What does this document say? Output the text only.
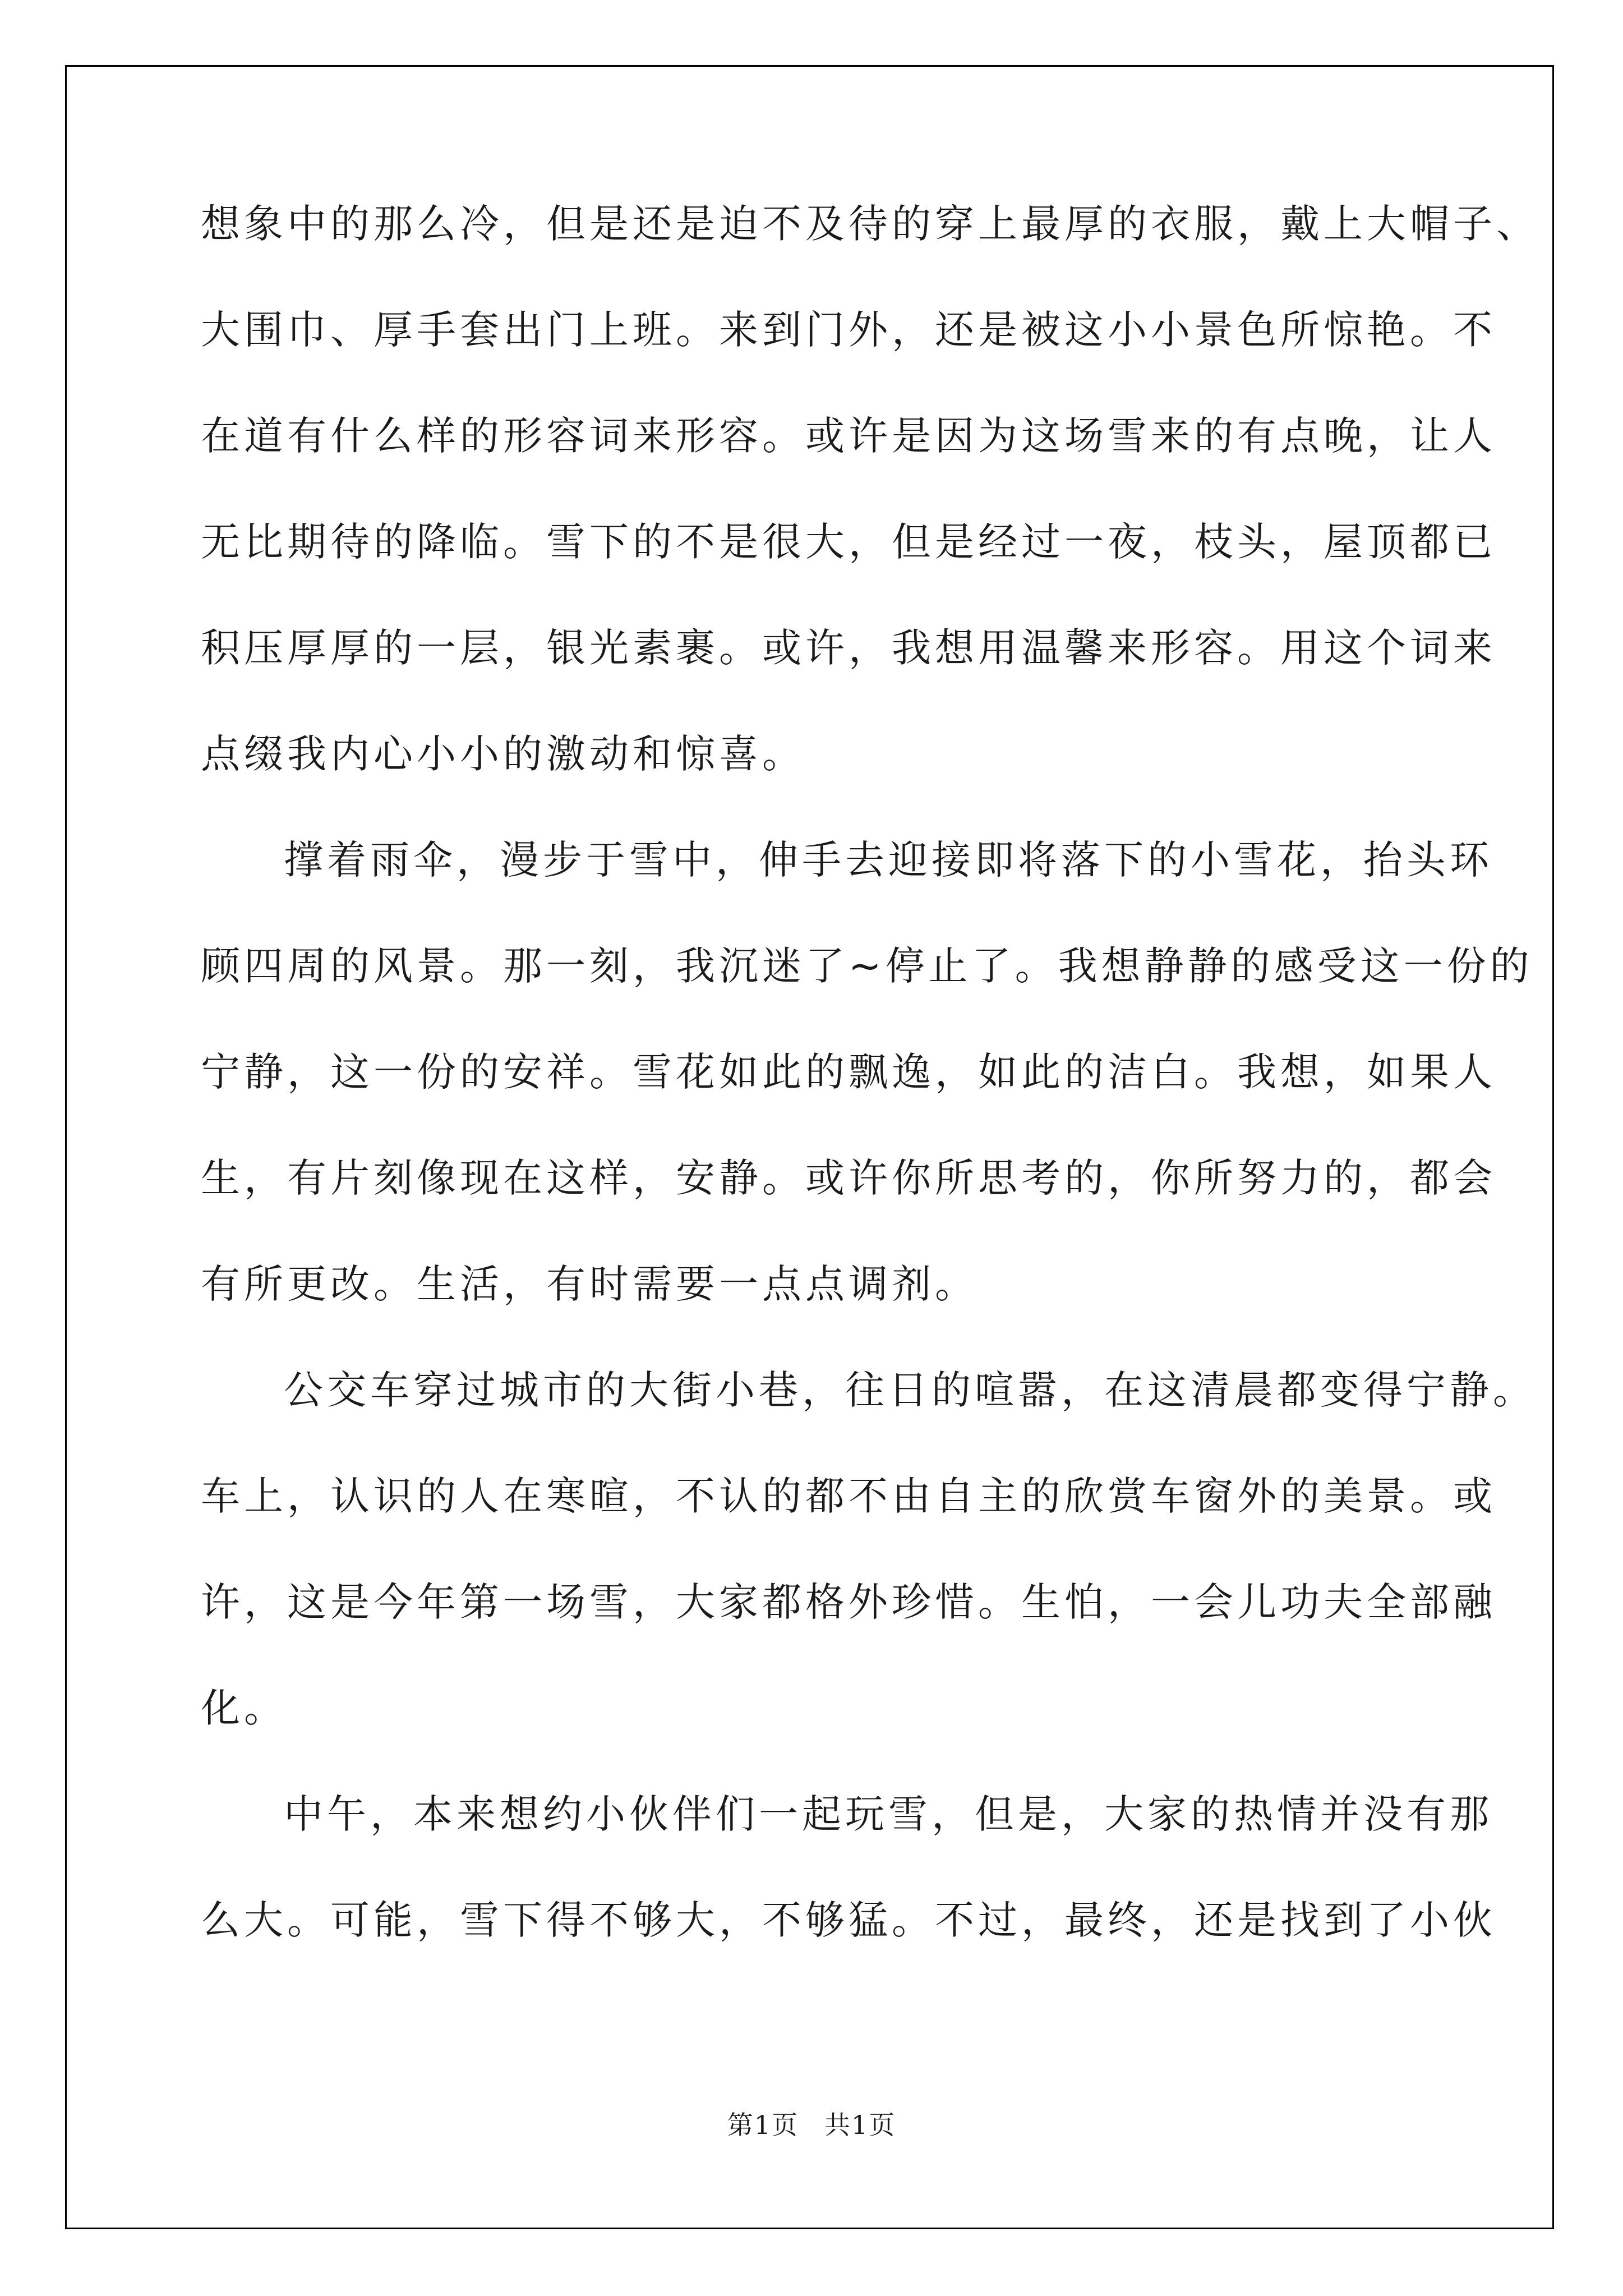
想象中的那么冷，但是还是迫不及待的穿上最厚的衣服，戴上大帽子、
大围巾、厚手套出门上班。来到门外，还是被这小小景色所惊艳。不
在道有什么样的形容词来形容。或许是因为这场雪来的有点晚，让人
无比期待的降临。雪下的不是很大，但是经过一夜，枝头，屋顶都已
积压厚厚的一层，银光素裹。或许，我想用温馨来形容。用这个词来
点缀我内心小小的激动和惊喜。

撑着雨伞，漫步于雪中，伸手去迎接即将落下的小雪花，抬头环
顾四周的风景。那一刻，我沉迷了~停止了。我想静静的感受这一份的
宁静，这一份的安祥。雪花如此的飘逸，如此的洁白。我想，如果人
生，有片刻像现在这样，安静。或许你所思考的，你所努力的，都会
有所更改。生活，有时需要一点点调剂。

公交车穿过城市的大街小巷，往日的喧嚣，在这清晨都变得宁静。
车上，认识的人在寒暄，不认的都不由自主的欣赏车窗外的美景。或
许，这是今年第一场雪，大家都格外珍惜。生怕，一会儿功夫全部融
化。

中午，本来想约小伙伴们一起玩雪，但是，大家的热情并没有那
么大。可能，雪下得不够大，不够猛。不过，最终，还是找到了小伙

第1页 共1页
